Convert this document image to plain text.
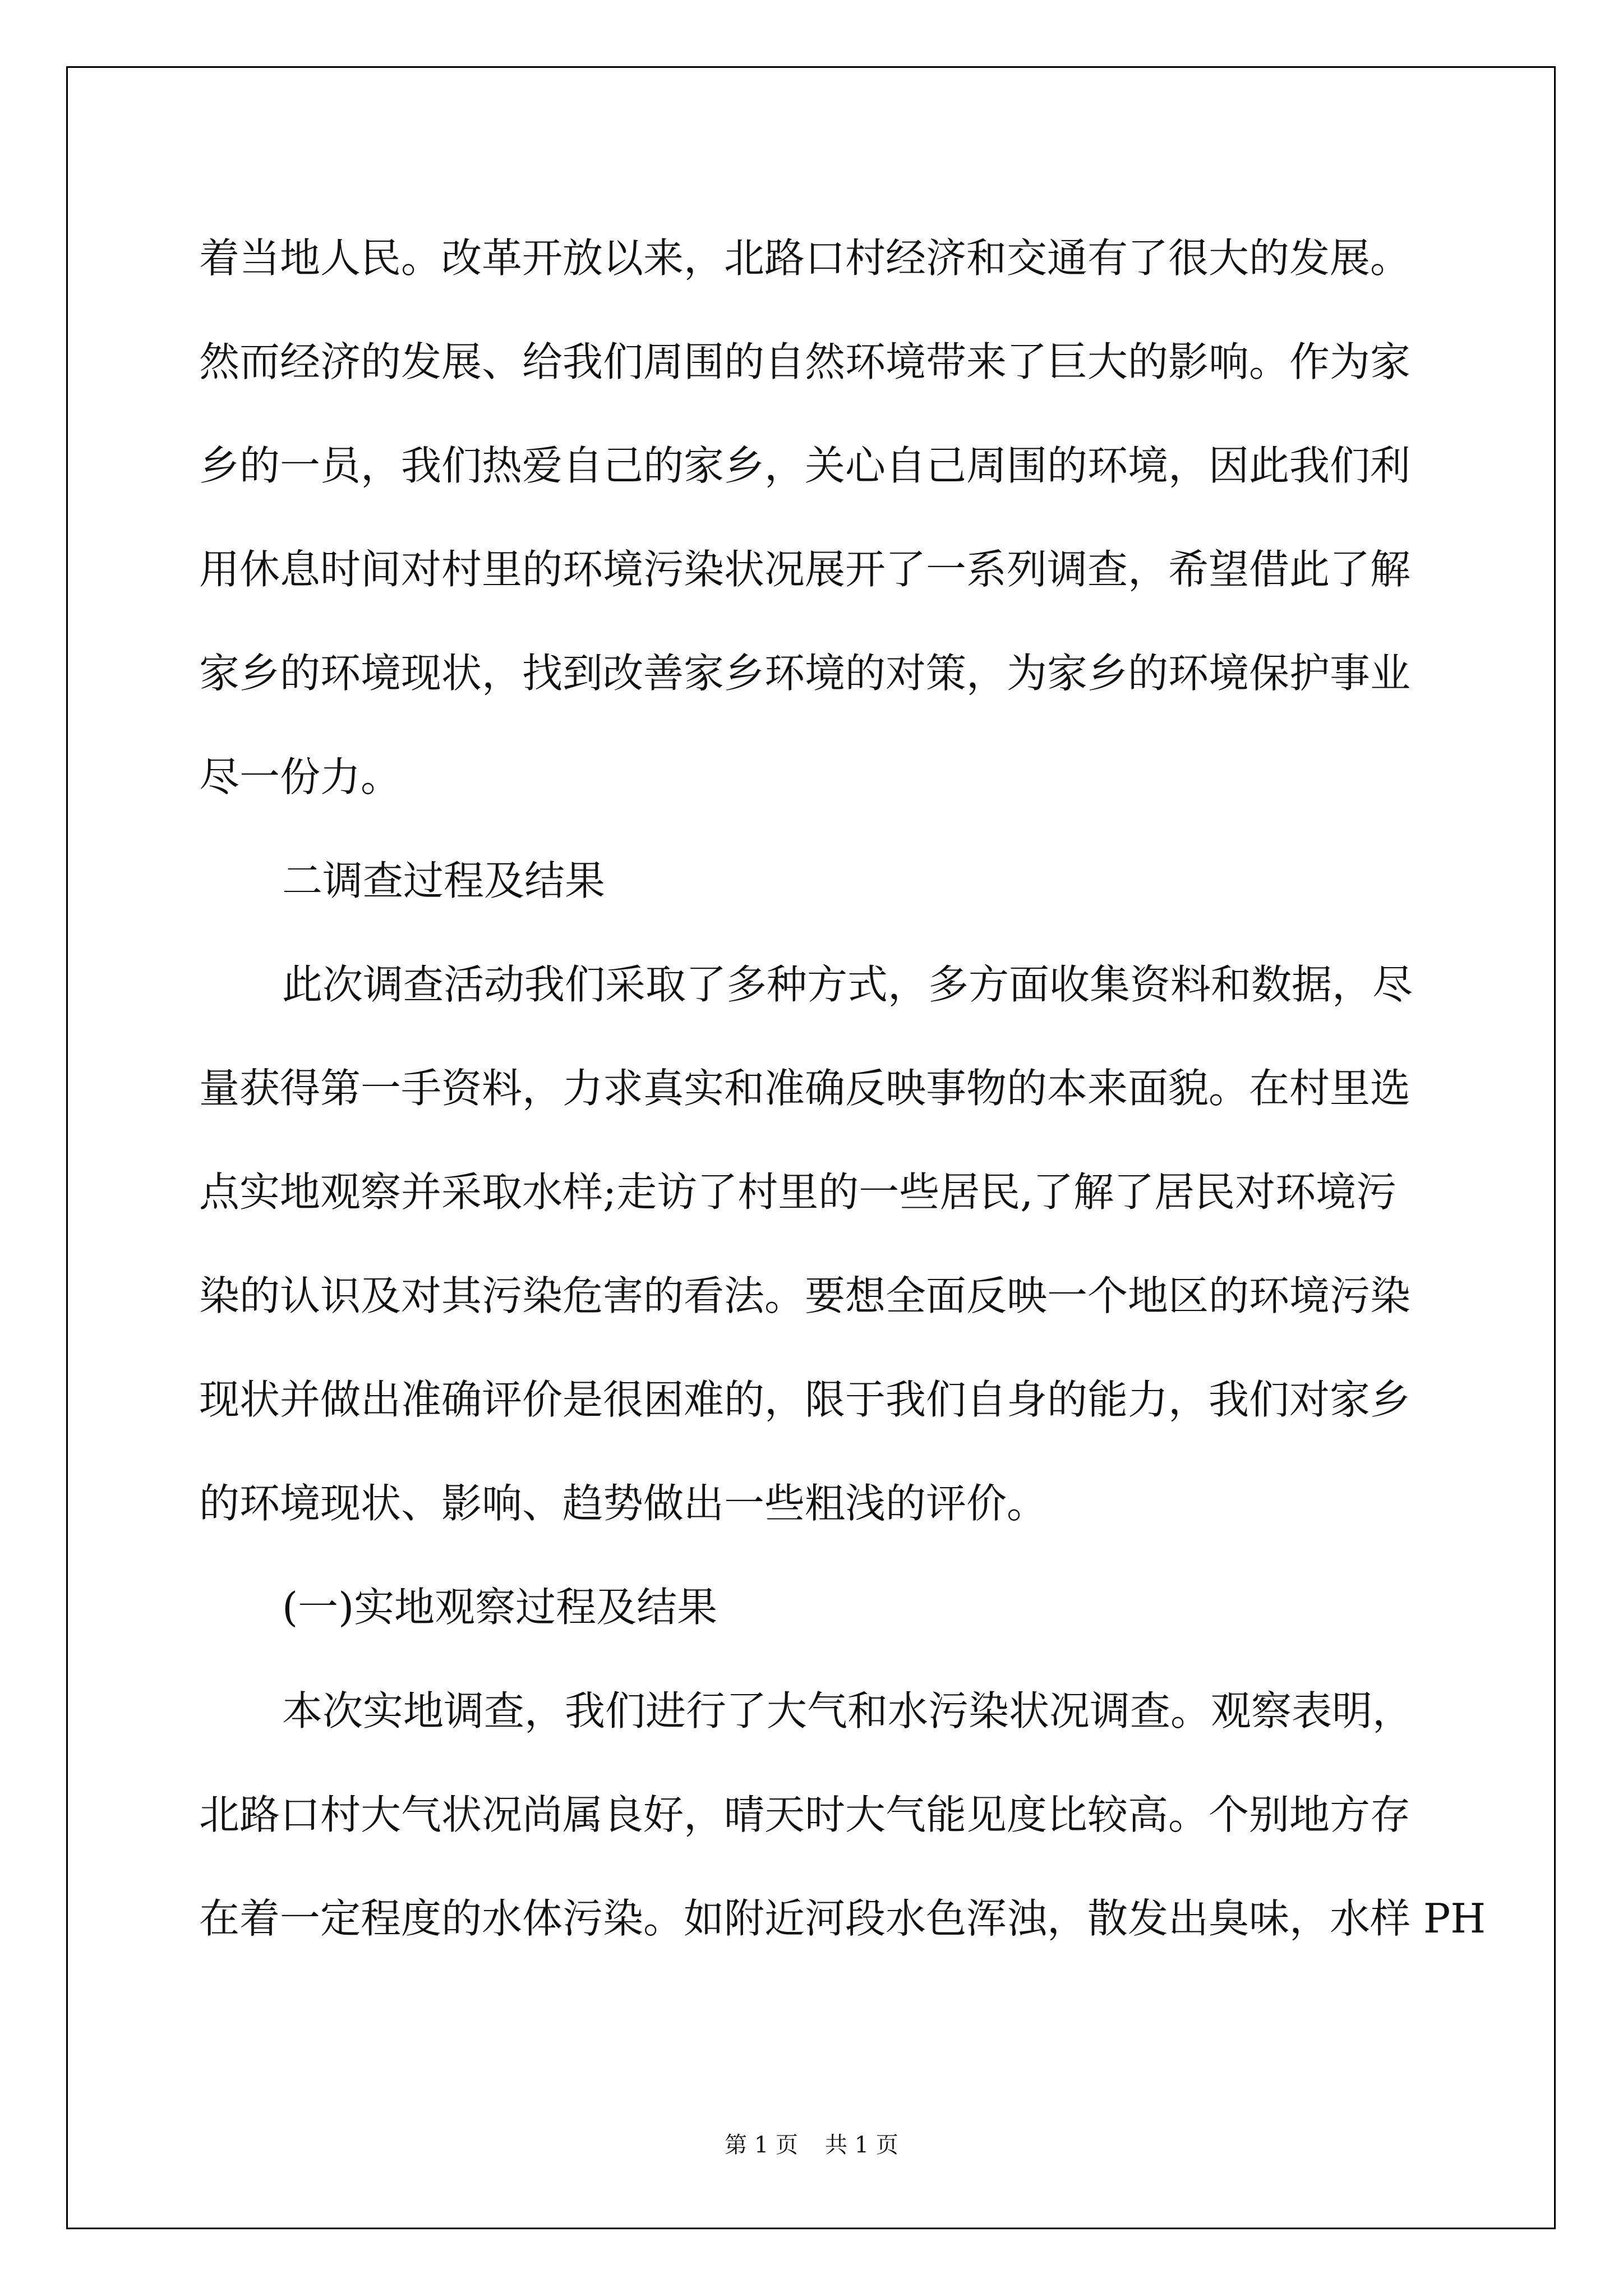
着当地人民。改革开放以来，北路口村经济和交通有了很大的发展。
然而经济的发展、给我们周围的自然环境带来了巨大的影响。作为家
乡的一员，我们热爱自己的家乡，关心自己周围的环境，因此我们利
用休息时间对村里的环境污染状况展开了一系列调查，希望借此了解
家乡的环境现状，找到改善家乡环境的对策，为家乡的环境保护事业
尽一份力。
二调查过程及结果
此次调查活动我们采取了多种方式，多方面收集资料和数据，尽
量获得第一手资料，力求真实和准确反映事物的本来面貌。在村里选
点实地观察并采取水样;走访了村里的一些居民,了解了居民对环境污
染的认识及对其污染危害的看法。要想全面反映一个地区的环境污染
现状并做出准确评价是很困难的，限于我们自身的能力，我们对家乡
的环境现状、影响、趋势做出一些粗浅的评价。
(一)实地观察过程及结果
本次实地调查，我们进行了大气和水污染状况调查。观察表明，
北路口村大气状况尚属良好，晴天时大气能见度比较高。个别地方存
在着一定程度的水体污染。如附近河段水色浑浊，散发出臭味，水样 PH
第 1 页 共 1 页
